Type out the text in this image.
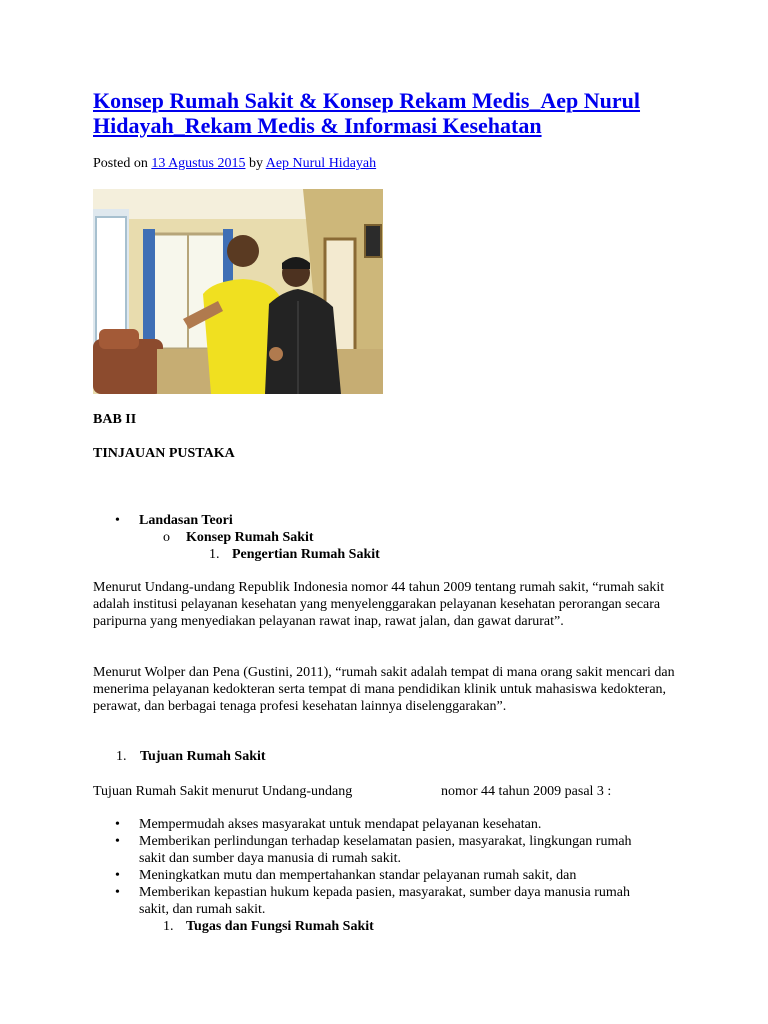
Konsep Rumah Sakit & Konsep Rekam Medis_Aep Nurul Hidayah_Rekam Medis & Informasi Kesehatan
Posted on 13 Agustus 2015 by Aep Nurul Hidayah

BAB II

TINJAUAN PUSTAKA

• Landasan Teori
o Konsep Rumah Sakit
1. Pengertian Rumah Sakit

Menurut Undang-undang Republik Indonesia nomor 44 tahun 2009 tentang rumah sakit, “rumah sakit adalah institusi pelayanan kesehatan yang menyelenggarakan pelayanan kesehatan perorangan secara paripurna yang menyediakan pelayanan rawat inap, rawat jalan, dan gawat darurat”.

Menurut Wolper dan Pena (Gustini, 2011), “rumah sakit adalah tempat di mana orang sakit mencari dan menerima pelayanan kedokteran serta tempat di mana pendidikan klinik untuk mahasiswa kedokteran, perawat, dan berbagai tenaga profesi kesehatan lainnya diselenggarakan”.

1. Tujuan Rumah Sakit
Tujuan Rumah Sakit menurut Undang-undang	nomor 44 tahun 2009 pasal 3 :
• Mempermudah akses masyarakat untuk mendapat pelayanan kesehatan.
• Memberikan perlindungan terhadap keselamatan pasien, masyarakat, lingkungan rumah sakit dan sumber daya manusia di rumah sakit.
• Meningkatkan mutu dan mempertahankan standar pelayanan rumah sakit, dan
• Memberikan kepastian hukum kepada pasien, masyarakat, sumber daya manusia rumah sakit, dan rumah sakit.
1. Tugas dan Fungsi Rumah Sakit
